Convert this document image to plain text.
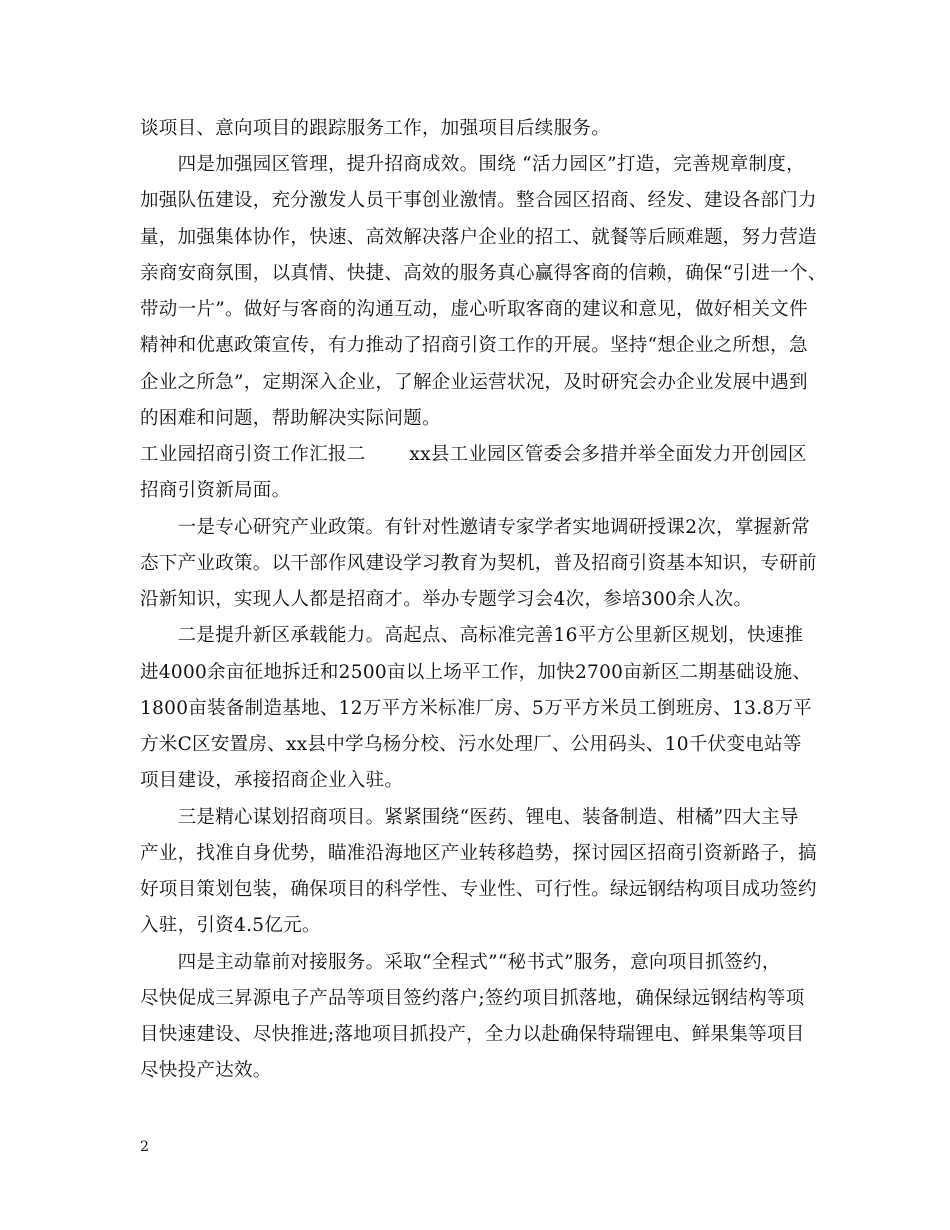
谈项目、意向项目的跟踪服务工作，加强项目后续服务。
　　四是加强园区管理，提升招商成效。围绕 “活力园区”打造，完善规章制度，
加强队伍建设，充分激发人员干事创业激情。整合园区招商、经发、建设各部门力
量，加强集体协作，快速、高效解决落户企业的招工、就餐等后顾难题，努力营造
亲商安商氛围，以真情、快捷、高效的服务真心赢得客商的信赖，确保“引进一个、
带动一片”。做好与客商的沟通互动，虚心听取客商的建议和意见，做好相关文件
精神和优惠政策宣传，有力推动了招商引资工作的开展。坚持“想企业之所想，急
企业之所急”，定期深入企业，了解企业运营状况，及时研究会办企业发展中遇到
的困难和问题，帮助解决实际问题。
工业园招商引资工作汇报二　　 xx县工业园区管委会多措并举全面发力开创园区
招商引资新局面。
　　一是专心研究产业政策。有针对性邀请专家学者实地调研授课2次，掌握新常
态下产业政策。以干部作风建设学习教育为契机，普及招商引资基本知识，专研前
沿新知识，实现人人都是招商才。举办专题学习会4次，参培300余人次。
　　二是提升新区承载能力。高起点、高标准完善16平方公里新区规划，快速推
进4000余亩征地拆迁和2500亩以上场平工作，加快2700亩新区二期基础设施、
1800亩装备制造基地、12万平方米标准厂房、5万平方米员工倒班房、13.8万平
方米C区安置房、xx县中学乌杨分校、污水处理厂、公用码头、10千伏变电站等
项目建设，承接招商企业入驻。
　　三是精心谋划招商项目。紧紧围绕“医药、锂电、装备制造、柑橘”四大主导
产业，找准自身优势，瞄准沿海地区产业转移趋势，探讨园区招商引资新路子，搞
好项目策划包装，确保项目的科学性、专业性、可行性。绿远钢结构项目成功签约
入驻，引资4.5亿元。
　　四是主动靠前对接服务。采取“全程式”“秘书式”服务，意向项目抓签约，
尽快促成三昇源电子产品等项目签约落户;签约项目抓落地，确保绿远钢结构等项
目快速建设、尽快推进;落地项目抓投产，全力以赴确保特瑞锂电、鲜果集等项目
尽快投产达效。
2
